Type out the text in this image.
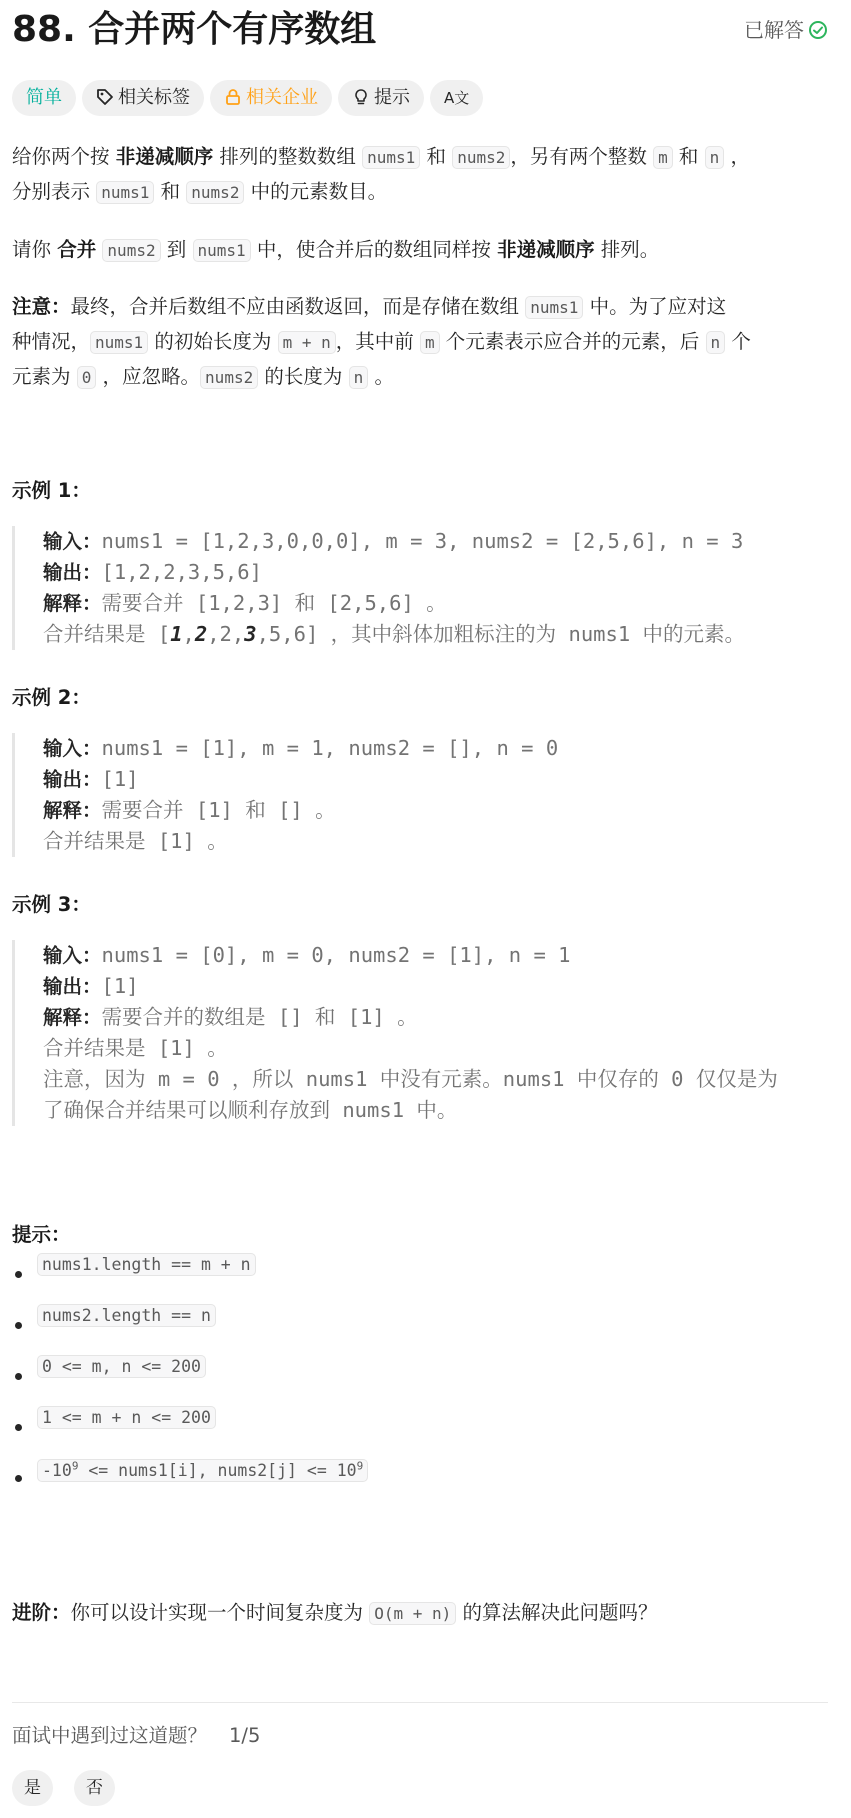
88. 合并两个有序数组	已解答
简单	相关标签	相关企业	提示 A文
给你两个按 非递减顺序 排列的整数数组 nums1 和 nums2 ，另有两个整数 m 和 n ，
分别表示 nums1 和 nums2 中的元素数目。
请你 合并 nums2 到 nums1 中，使合并后的数组同样按 非递减顺序 排列。
注意：最终，合并后数组不应由函数返回，而是存储在数组 nums1 中。为了应对这
种情况， nums1 的初始长度为 m + n ，其中前 m 个元素表示应合并的元素，后 n 个
元素为 0 ，应忽略。 nums2 的长度为 n 。
示例 1：
输入：nums1 = [1,2,3,0,0,0], m = 3, nums2 = [2,5,6], n = 3
输出：[1,2,2,3,5,6]
解释：需要合并 [1,2,3] 和 [2,5,6] 。
合并结果是 [1,2,2,3,5,6] ，其中斜体加粗标注的为 nums1 中的元素。
示例 2：
输入：nums1 = [1], m = 1, nums2 = [], n = 0
输出：[1]
解释：需要合并 [1] 和 [] 。
合并结果是 [1] 。
示例 3：
输入：nums1 = [0], m = 0, nums2 = [1], n = 1
输出：[1]
解释：需要合并的数组是 [] 和 [1] 。
合并结果是 [1] 。
注意，因为 m = 0 ，所以 nums1 中没有元素。nums1 中仅存的 0 仅仅是为
了确保合并结果可以顺利存放到 nums1 中。
提示：
nums1.length == m + n
nums2.length == n
0 <= m, n <= 200
1 <= m + n <= 200
$-10^9$ <= nums1[i], nums2[j] <= $10^9$
进阶：你可以设计实现一个时间复杂度为 O(m + n) 的算法解决此问题吗？
面试中遇到过这道题？ 1/5
是	否
